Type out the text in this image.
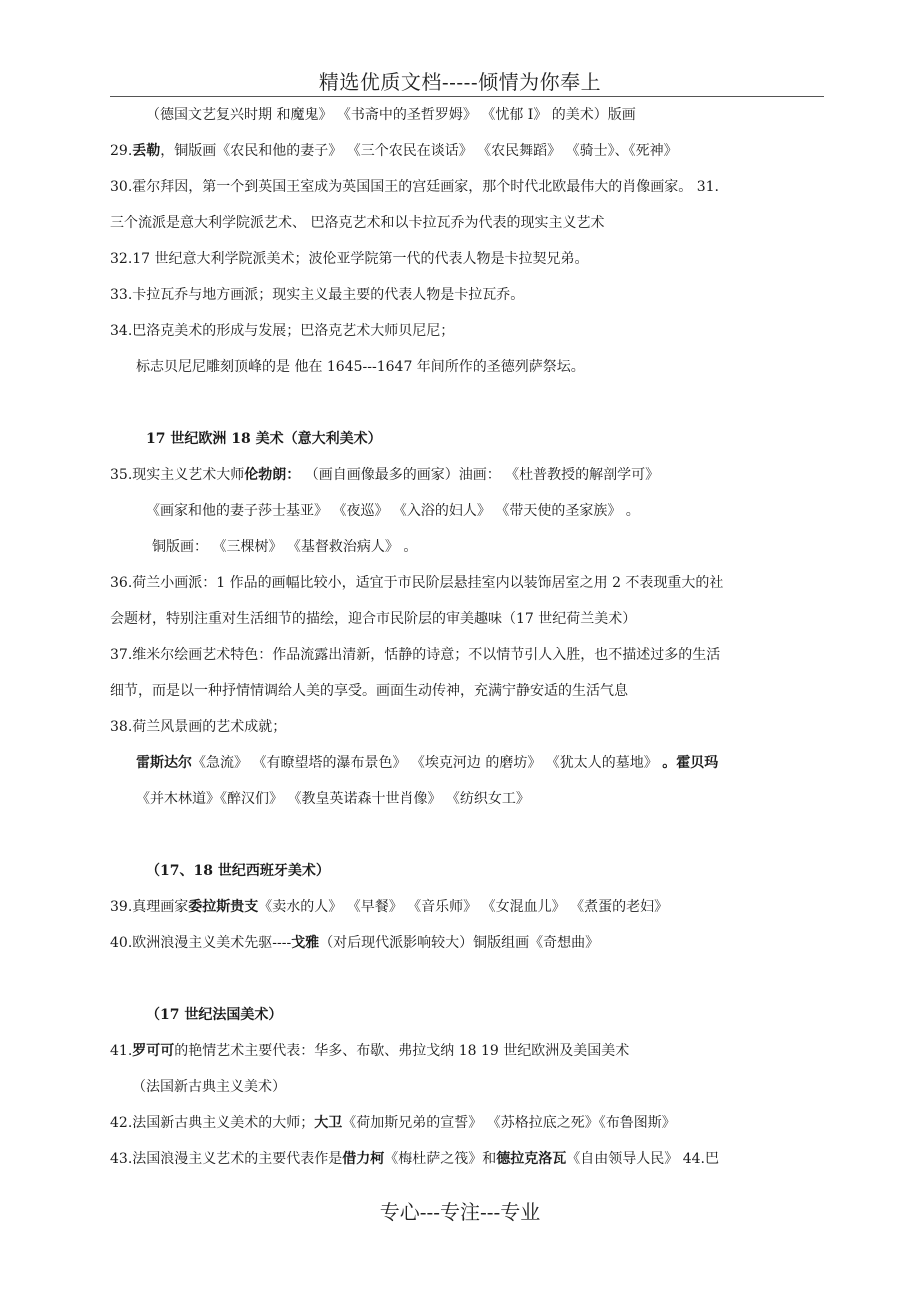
精选优质文档-----倾情为你奉上
（德国文艺复兴时期 和魔鬼》 《书斋中的圣哲罗姆》 《忧郁 I》 的美术）版画
29.丢勒，铜版画《农民和他的妻子》 《三个农民在谈话》 《农民舞蹈》 《骑士》、《死神》
30.霍尔拜因，第一个到英国王室成为英国国王的宫廷画家，那个时代北欧最伟大的肖像画家。 31.
三个流派是意大利学院派艺术、 巴洛克艺术和以卡拉瓦乔为代表的现实主义艺术
32.17 世纪意大利学院派美术；波伦亚学院第一代的代表人物是卡拉契兄弟。
33.卡拉瓦乔与地方画派；现实主义最主要的代表人物是卡拉瓦乔。
34.巴洛克美术的形成与发展；巴洛克艺术大师贝尼尼；
标志贝尼尼雕刻顶峰的是 他在 1645---1647 年间所作的圣德列萨祭坛。
17 世纪欧洲 18 美术（意大利美术）
35.现实主义艺术大师伦勃朗： （画自画像最多的画家）油画： 《杜普教授的解剖学可》
《画家和他的妻子莎士基亚》 《夜巡》 《入浴的妇人》 《带天使的圣家族》 。
铜版画： 《三棵树》 《基督救治病人》 。
36.荷兰小画派：1 作品的画幅比较小，适宜于市民阶层悬挂室内以装饰居室之用 2 不表现重大的社
会题材，特别注重对生活细节的描绘，迎合市民阶层的审美趣味（17 世纪荷兰美术）
37.维米尔绘画艺术特色：作品流露出清新，恬静的诗意；不以情节引人入胜，也不描述过多的生活
细节，而是以一种抒情情调给人美的享受。画面生动传神，充满宁静安适的生活气息
38.荷兰风景画的艺术成就；
雷斯达尔《急流》 《有瞭望塔的瀑布景色》 《埃克河边 的磨坊》 《犹太人的墓地》 。霍贝玛
《并木林道》《醉汉们》 《教皇英诺森十世肖像》 《纺织女工》
（17、18 世纪西班牙美术）
39.真理画家委拉斯贵支《卖水的人》 《早餐》 《音乐师》 《女混血儿》 《煮蛋的老妇》
40.欧洲浪漫主义美术先驱----戈雅（对后现代派影响较大）铜版组画《奇想曲》
（17 世纪法国美术）
41.罗可可的艳情艺术主要代表：华多、布歇、弗拉戈纳 18 19 世纪欧洲及美国美术
（法国新古典主义美术）
42.法国新古典主义美术的大师；大卫《荷加斯兄弟的宣誓》 《苏格拉底之死》《布鲁图斯》
43.法国浪漫主义艺术的主要代表作是借力柯《梅杜萨之筏》和德拉克洛瓦《自由领导人民》 44.巴
专心---专注---专业
